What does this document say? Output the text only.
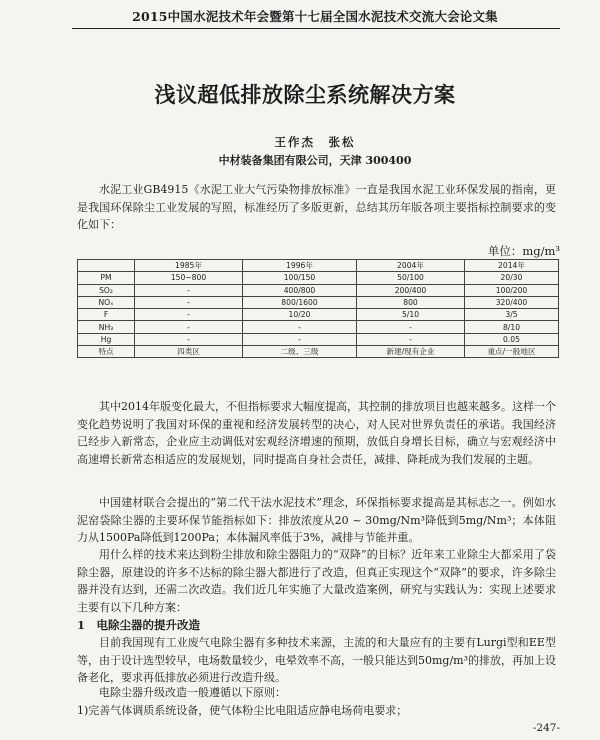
2015中国水泥技术年会暨第十七届全国水泥技术交流大会论文集
浅议超低排放除尘系统解决方案
王作杰　张松
中材装备集团有限公司，天津 300400

水泥工业GB4915《水泥工业大气污染物排放标准》一直是我国水泥工业环保发展的指南，更是我国环保除尘工业发展的写照，标准经历了多版更新，总结其历年版各项主要指标控制要求的变化如下：

单位：mg/m³
	1985年	1996年	2004年	2014年
PM	150~800	100/150	50/100	20/30
SO₂	-	400/800	200/400	100/200
NOₓ	-	800/1600	800	320/400
F	-	10/20	5/10	3/5
NH₃	-	-	-	8/10
Hg	-	-	-	0.05
特点	四类区	二级、三级	新建/现有企业	重点/一般地区

其中2014年版变化最大，不但指标要求大幅度提高，其控制的排放项目也越来越多。这样一个变化趋势说明了我国对环保的重视和经济发展转型的决心，对人民对世界负责任的承诺。我国经济已经步入新常态，企业应主动调低对宏观经济增速的预期，放低自身增长目标，确立与宏观经济中高速增长新常态相适应的发展规划，同时提高自身社会责任，减排、降耗成为我们发展的主题。

中国建材联合会提出的“第二代干法水泥技术”理念，环保指标要求提高是其标志之一。例如水泥窑袋除尘器的主要环保节能指标如下：排放浓度从20 ~ 30mg/Nm³降低到5mg/Nm³；本体阻力从1500Pa降低到1200Pa；本体漏风率低于3%，减排与节能并重。

用什么样的技术来达到粉尘排放和除尘器阻力的“双降”的目标？近年来工业除尘大都采用了袋除尘器，原建设的许多不达标的除尘器大都进行了改造，但真正实现这个“双降”的要求，许多除尘器并没有达到，还需二次改造。我们近几年实施了大量改造案例，研究与实践认为：实现上述要求主要有以下几种方案：

1　电除尘器的提升改造

目前我国现有工业废气电除尘器有多种技术来源，主流的和大量应有的主要有Lurgi型和EE型等，由于设计选型较早，电场数量较少，电晕效率不高，一般只能达到50mg/m³的排放，再加上设备老化，要求再低排放必须进行改造升级。

电除尘器升级改造一般遵循以下原则：

1)完善气体调质系统设备，使气体粉尘比电阻适应静电场荷电要求；

-247-
